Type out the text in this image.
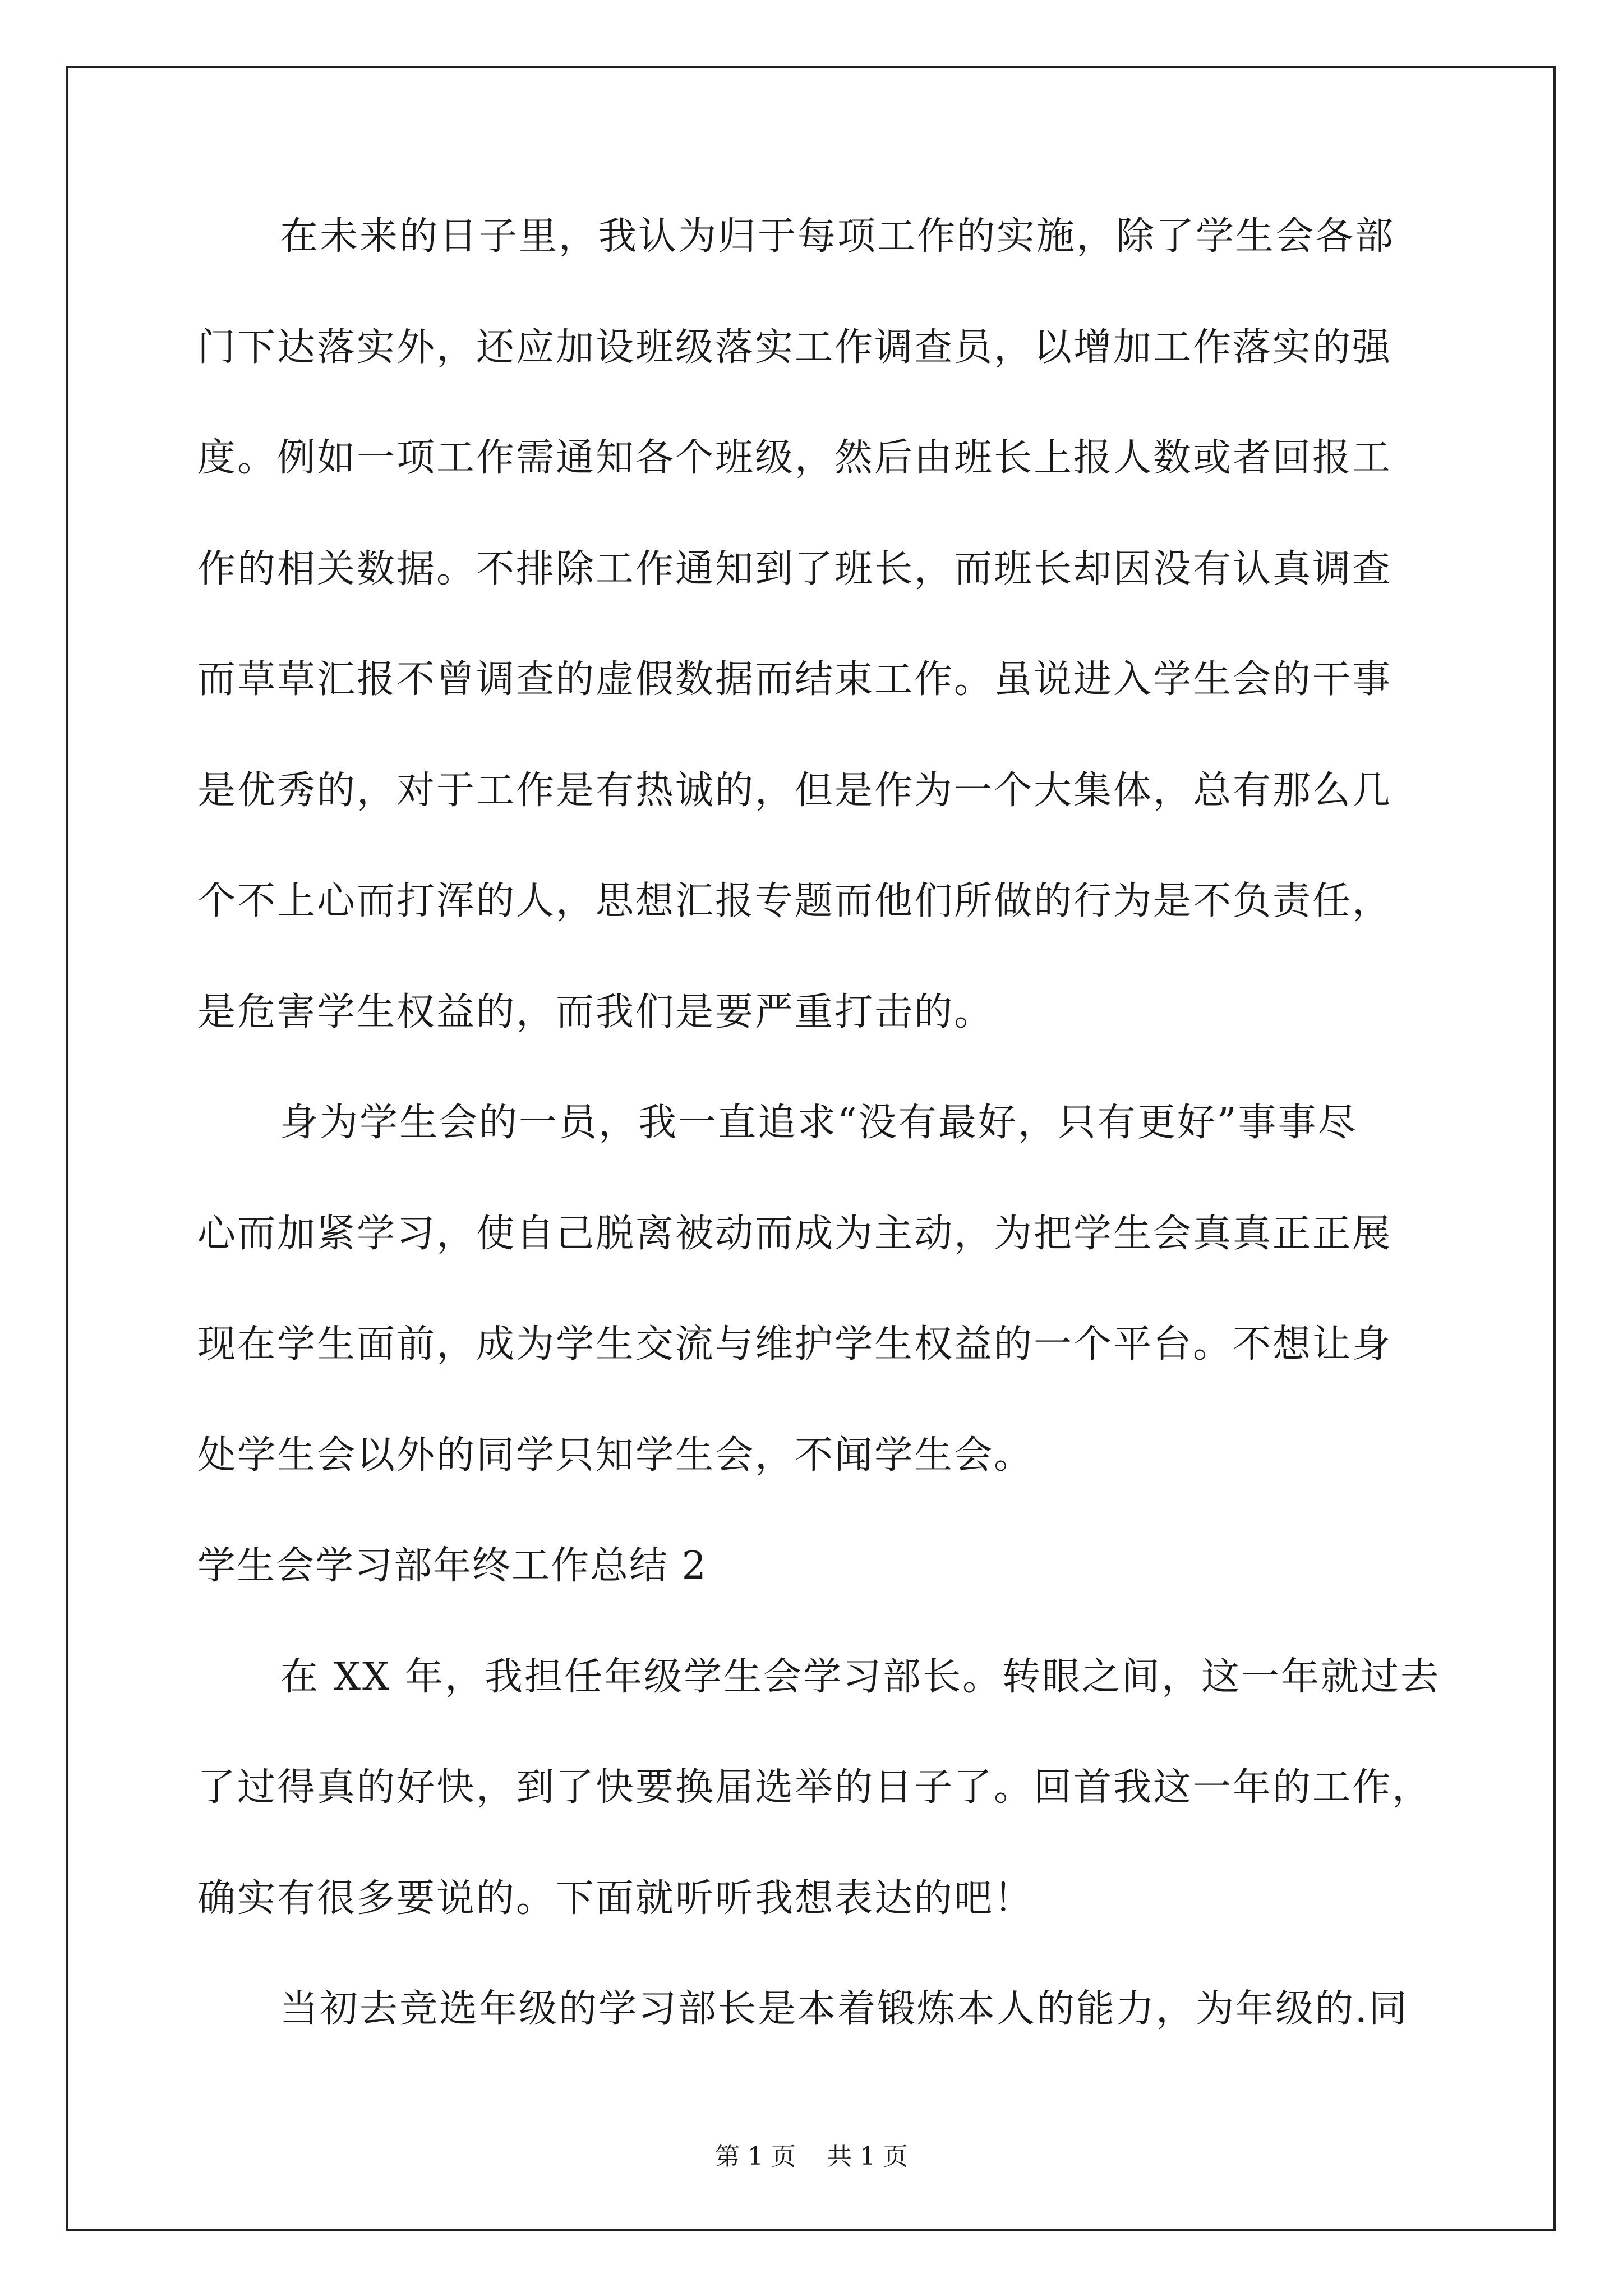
在未来的日子里，我认为归于每项工作的实施，除了学生会各部
门下达落实外，还应加设班级落实工作调查员，以增加工作落实的强
度。例如一项工作需通知各个班级，然后由班长上报人数或者回报工
作的相关数据。不排除工作通知到了班长，而班长却因没有认真调查
而草草汇报不曾调查的虚假数据而结束工作。虽说进入学生会的干事
是优秀的，对于工作是有热诚的，但是作为一个大集体，总有那么几
个不上心而打浑的人，思想汇报专题而他们所做的行为是不负责任，
是危害学生权益的，而我们是要严重打击的。
身为学生会的一员，我一直追求“没有最好，只有更好”事事尽
心而加紧学习，使自己脱离被动而成为主动，为把学生会真真正正展
现在学生面前，成为学生交流与维护学生权益的一个平台。不想让身
处学生会以外的同学只知学生会，不闻学生会。
学生会学习部年终工作总结 2
在 XX 年，我担任年级学生会学习部长。转眼之间，这一年就过去
了过得真的好快，到了快要换届选举的日子了。回首我这一年的工作，
确实有很多要说的。下面就听听我想表达的吧！
当初去竞选年级的学习部长是本着锻炼本人的能力，为年级的.同
第 1 页    共 1 页
